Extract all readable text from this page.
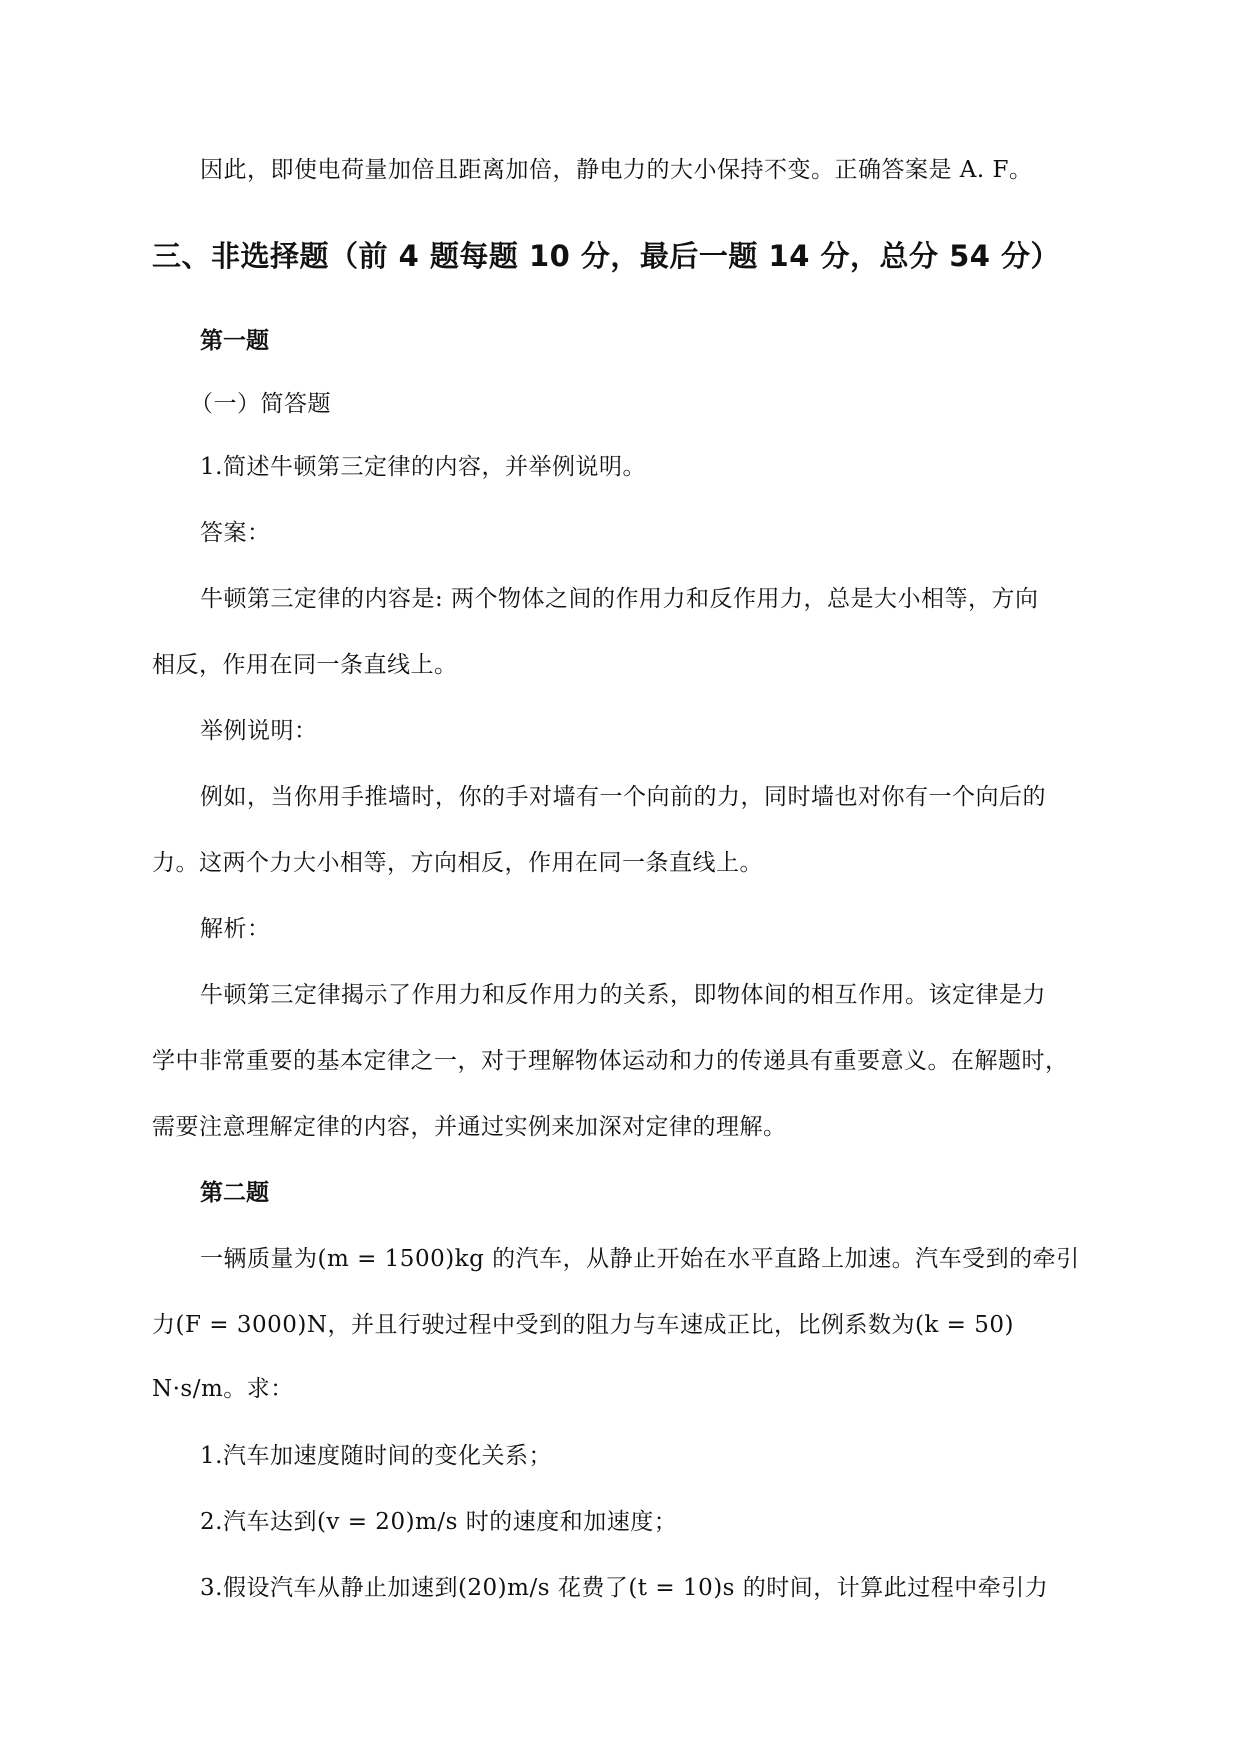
因此，即使电荷量加倍且距离加倍，静电力的大小保持不变。正确答案是 A. F。
三、非选择题（前 4 题每题 10 分，最后一题 14 分，总分 54 分）
第一题
（一）简答题
1.简述牛顿第三定律的内容，并举例说明。
答案：
牛顿第三定律的内容是: 两个物体之间的作用力和反作用力，总是大小相等，方向
相反，作用在同一条直线上。
举例说明：
例如，当你用手推墙时，你的手对墙有一个向前的力，同时墙也对你有一个向后的
力。这两个力大小相等，方向相反，作用在同一条直线上。
解析：
牛顿第三定律揭示了作用力和反作用力的关系，即物体间的相互作用。该定律是力
学中非常重要的基本定律之一，对于理解物体运动和力的传递具有重要意义。在解题时，
需要注意理解定律的内容，并通过实例来加深对定律的理解。
第二题
一辆质量为(m = 1500)kg 的汽车，从静止开始在水平直路上加速。汽车受到的牵引
力(F = 3000)N，并且行驶过程中受到的阻力与车速成正比，比例系数为(k = 50)
N·s/m。求：
1.汽车加速度随时间的变化关系；
2.汽车达到(v = 20)m/s 时的速度和加速度；
3.假设汽车从静止加速到(20)m/s 花费了(t = 10)s 的时间，计算此过程中牵引力
